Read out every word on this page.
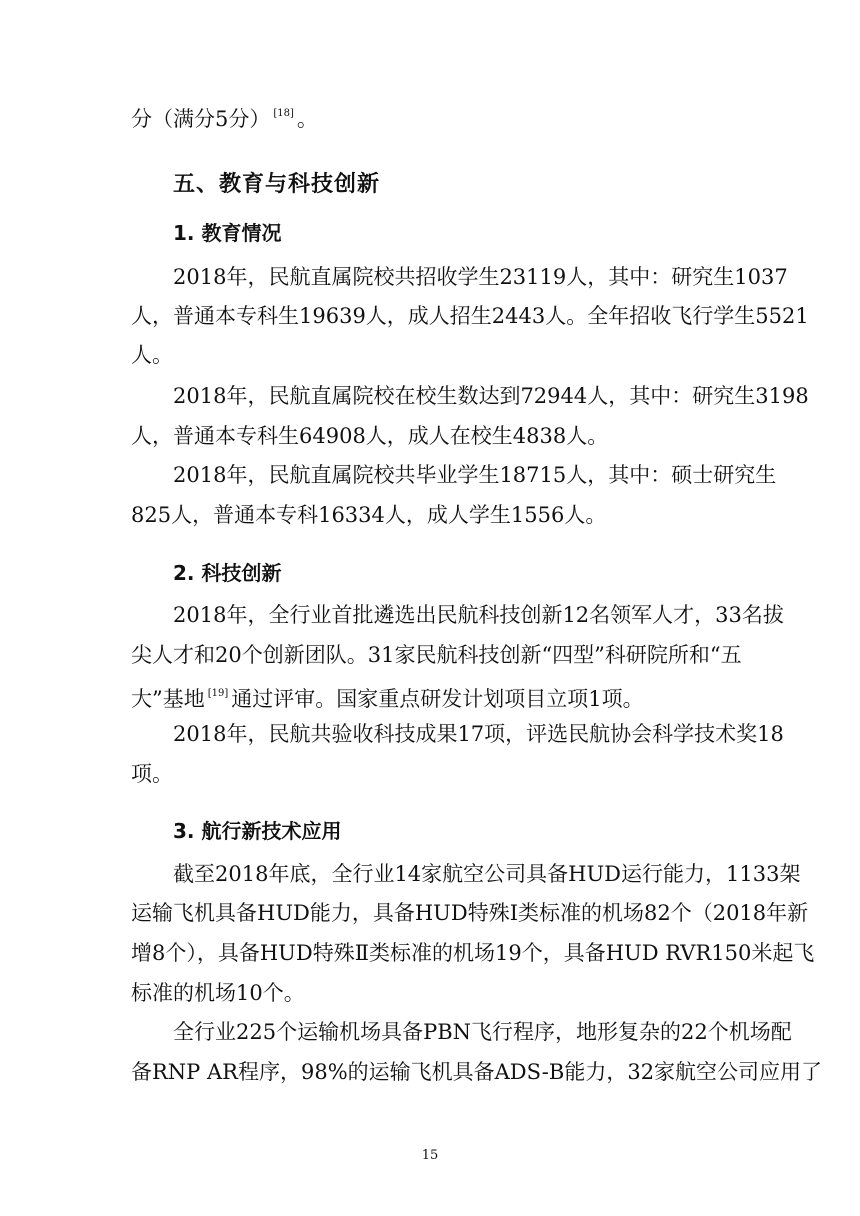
分（满分5分） [18] 。
五、教育与科技创新
1. 教育情况
2018年，民航直属院校共招收学生23119人，其中：研究生1037
人，普通本专科生19639人，成人招生2443人。全年招收飞行学生5521
人。
2018年，民航直属院校在校生数达到72944人，其中：研究生3198
人，普通本专科生64908人，成人在校生4838人。
2018年，民航直属院校共毕业学生18715人，其中：硕士研究生
825人，普通本专科16334人，成人学生1556人。
2. 科技创新
2018年，全行业首批遴选出民航科技创新12名领军人才，33名拔
尖人才和20个创新团队。31家民航科技创新“四型”科研院所和“五
大”基地 [19] 通过评审。国家重点研发计划项目立项1项。
2018年，民航共验收科技成果17项，评选民航协会科学技术奖18
项。
3. 航行新技术应用
截至2018年底，全行业14家航空公司具备HUD运行能力，1133架
运输飞机具备HUD能力，具备HUD特殊Ⅰ类标准的机场82个（2018年新
增8个），具备HUD特殊Ⅱ类标准的机场19个，具备HUD RVR150米起飞
标准的机场10个。
全行业225个运输机场具备PBN飞行程序，地形复杂的22个机场配
备RNP AR程序，98%的运输飞机具备ADS-B能力，32家航空公司应用了
15
